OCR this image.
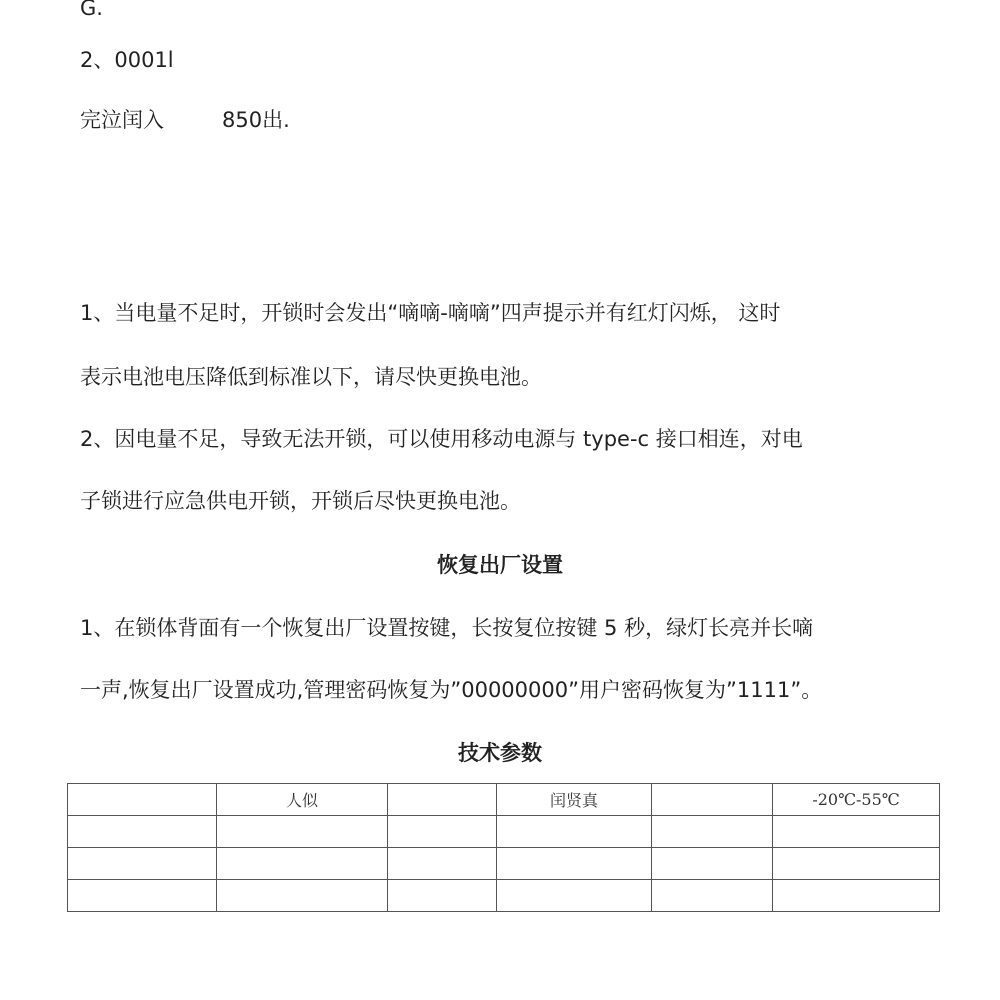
G.
2、0001l
完泣闰入	850出.
1、当电量不足时，开锁时会发出“嘀嘀-嘀嘀”四声提示并有红灯闪烁， 这时
表示电池电压降低到标准以下，请尽快更换电池。
2、因电量不足，导致无法开锁，可以使用移动电源与 type-c 接口相连，对电
子锁进行应急供电开锁，开锁后尽快更换电池。
恢复出厂设置
1、在锁体背面有一个恢复出厂设置按键，长按复位按键 5 秒，绿灯长亮并长嘀
一声,恢复出厂设置成功,管理密码恢复为”00000000”用户密码恢复为”1111”。
技术参数
	人似		闰贤真		-20℃-55℃
